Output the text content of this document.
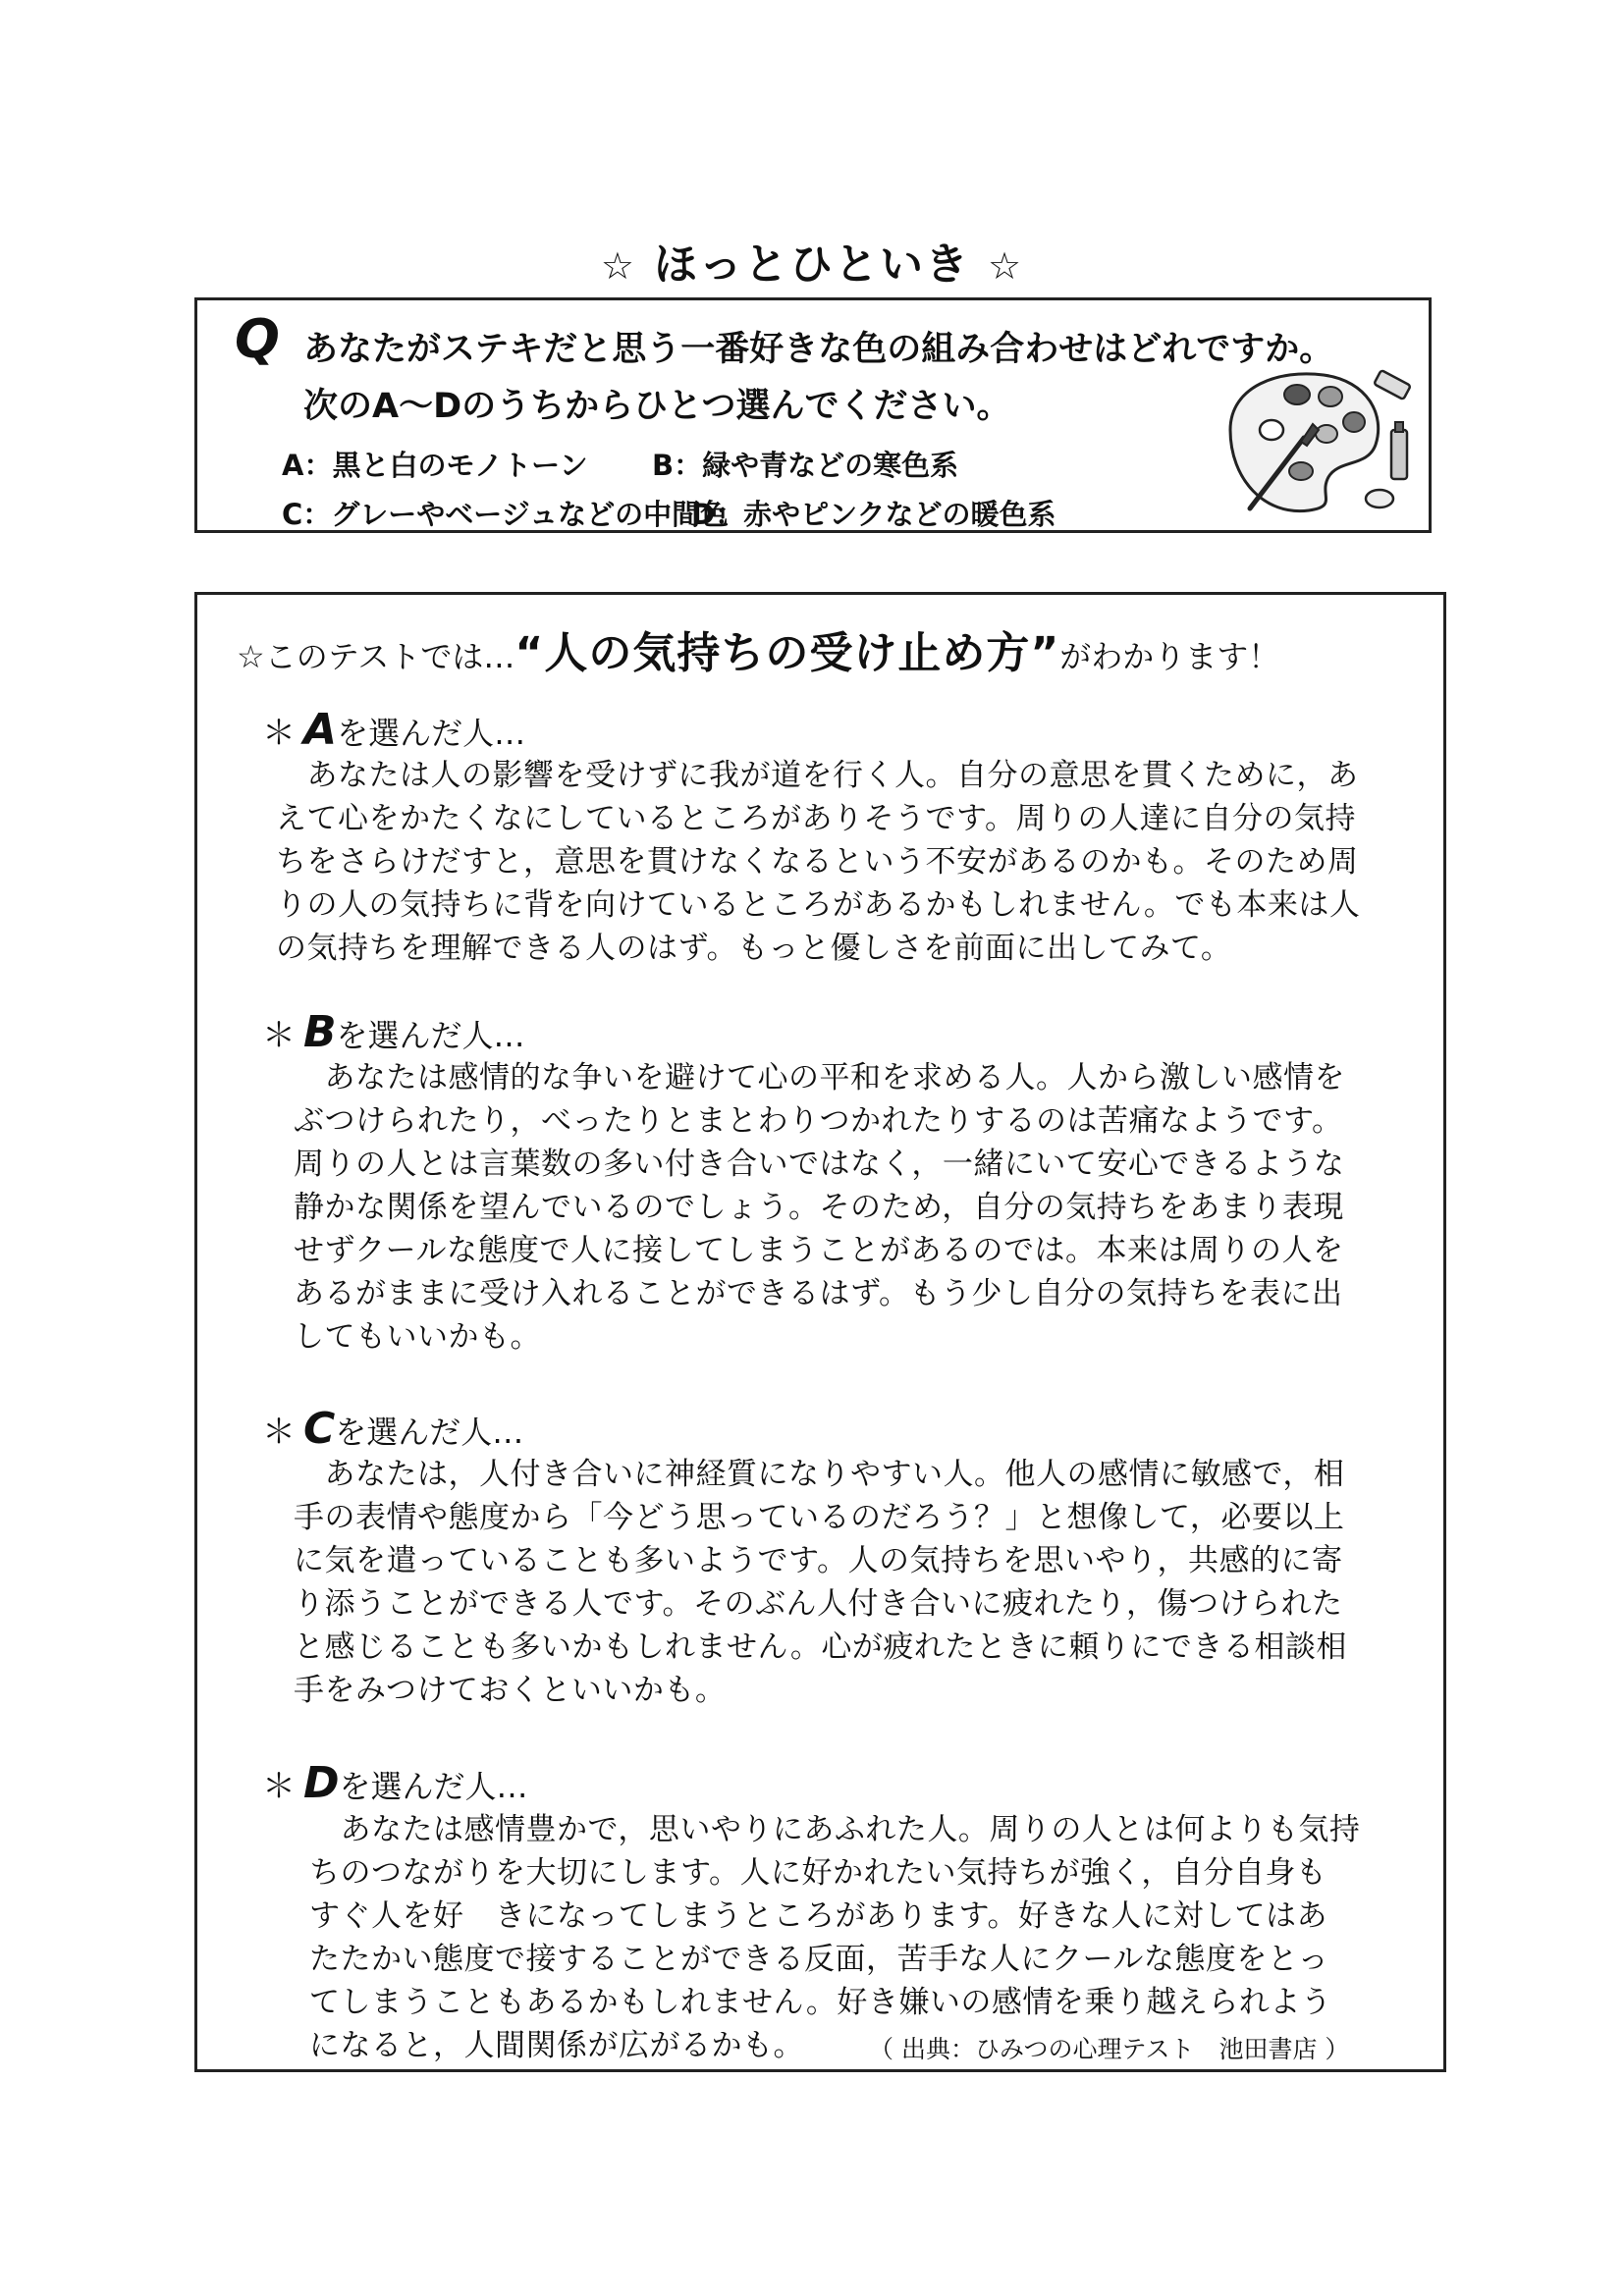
☆ ほっとひといき ☆
Q あなたがステキだと思う一番好きな色の組み合わせはどれですか。
次のA～Dのうちからひとつ選んでください。
A：黒と白のモノトーン B：緑や青などの寒色系
C：グレーやベージュなどの中間色
D：赤やピンクなどの暖色系
☆このテストでは…“人の気持ちの受け止め方”がわかります！
＊ Aを選んだ人…
　あなたは人の影響を受けずに我が道を行く人。自分の意思を貫くために，あ
えて心をかたくなにしているところがありそうです。周りの人達に自分の気持
ちをさらけだすと，意思を貫けなくなるという不安があるのかも。そのため周
りの人の気持ちに背を向けているところがあるかもしれません。でも本来は人
の気持ちを理解できる人のはず。もっと優しさを前面に出してみて。
＊ Bを選んだ人…
　あなたは感情的な争いを避けて心の平和を求める人。人から激しい感情を
ぶつけられたり，べったりとまとわりつかれたりするのは苦痛なようです。
周りの人とは言葉数の多い付き合いではなく，一緒にいて安心できるような
静かな関係を望んでいるのでしょう。そのため，自分の気持ちをあまり表現
せずクールな態度で人に接してしまうことがあるのでは。本来は周りの人を
あるがままに受け入れることができるはず。もう少し自分の気持ちを表に出
してもいいかも。
＊ Cを選んだ人…
　あなたは，人付き合いに神経質になりやすい人。他人の感情に敏感で，相
手の表情や態度から「今どう思っているのだろう？」と想像して，必要以上
に気を遣っていることも多いようです。人の気持ちを思いやり，共感的に寄
り添うことができる人です。そのぶん人付き合いに疲れたり，傷つけられた
と感じることも多いかもしれません。心が疲れたときに頼りにできる相談相
手をみつけておくといいかも。
＊ Dを選んだ人…
　あなたは感情豊かで，思いやりにあふれた人。周りの人とは何よりも気持
ちのつながりを大切にします。人に好かれたい気持ちが強く，自分自身も
すぐ人を好　きになってしまうところがあります。好きな人に対してはあ
たたかい態度で接することができる反面，苦手な人にクールな態度をとっ
てしまうこともあるかもしれません。好き嫌いの感情を乗り越えられよう
になると，人間関係が広がるかも。	（ 出典：ひみつの心理テスト　池田書店 ）
